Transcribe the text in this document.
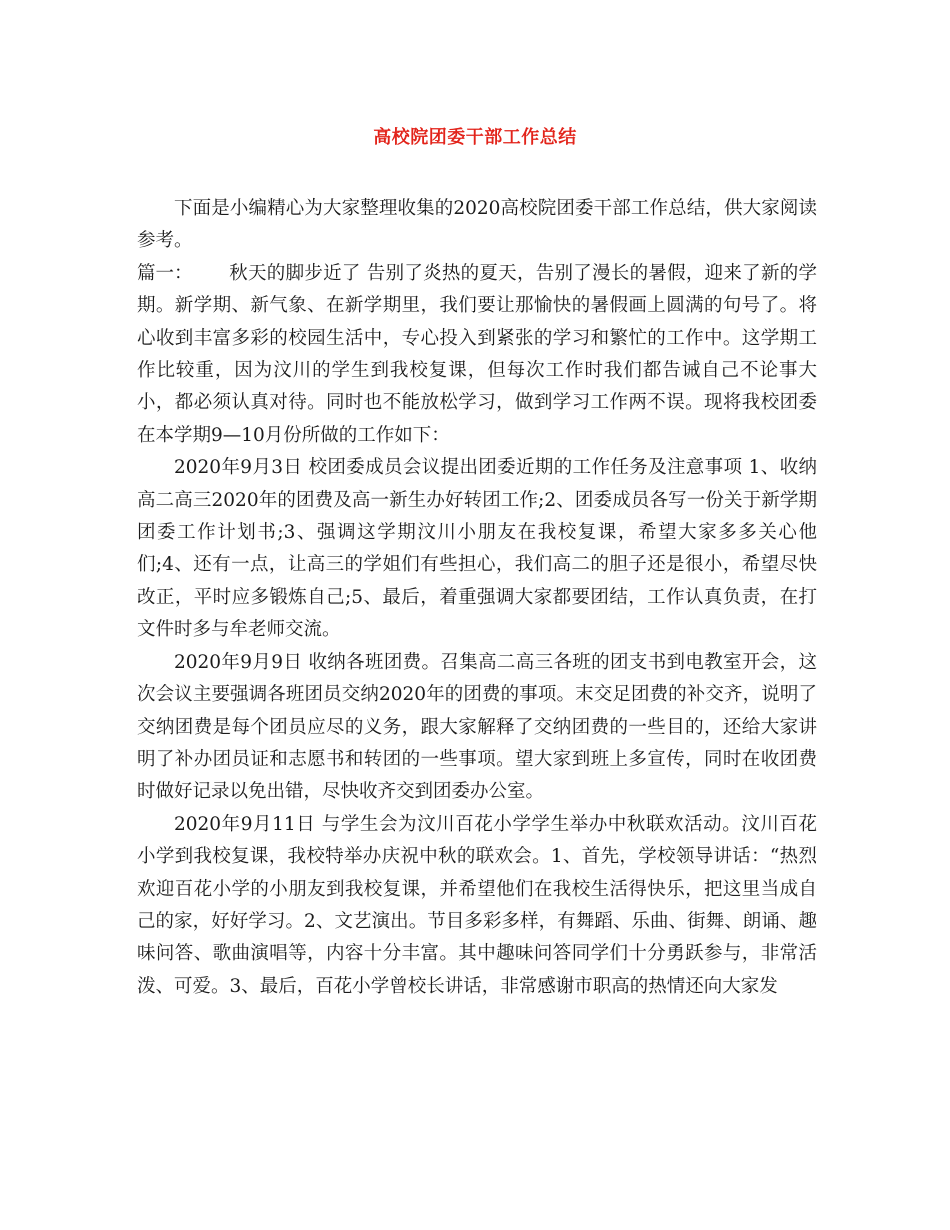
高校院团委干部工作总结

下面是小编精心为大家整理收集的2020高校院团委干部工作总结，供大家阅读参考。

篇一： 秋天的脚步近了 告别了炎热的夏天，告别了漫长的暑假，迎来了新的学期。新学期、新气象、在新学期里，我们要让那愉快的暑假画上圆满的句号了。将心收到丰富多彩的校园生活中，专心投入到紧张的学习和繁忙的工作中。这学期工作比较重，因为汶川的学生到我校复课，但每次工作时我们都告诫自己不论事大小，都必须认真对待。同时也不能放松学习，做到学习工作两不误。现将我校团委在本学期9—10月份所做的工作如下：

2020年9月3日 校团委成员会议提出团委近期的工作任务及注意事项 1、收纳高二高三2020年的团费及高一新生办好转团工作;2、团委成员各写一份关于新学期团委工作计划书;3、强调这学期汶川小朋友在我校复课，希望大家多多关心他们;4、还有一点，让高三的学姐们有些担心，我们高二的胆子还是很小，希望尽快改正，平时应多锻炼自己;5、最后，着重强调大家都要团结，工作认真负责，在打文件时多与牟老师交流。

2020年9月9日 收纳各班团费。召集高二高三各班的团支书到电教室开会，这次会议主要强调各班团员交纳2020年的团费的事项。末交足团费的补交齐，说明了交纳团费是每个团员应尽的义务，跟大家解释了交纳团费的一些目的，还给大家讲明了补办团员证和志愿书和转团的一些事项。望大家到班上多宣传，同时在收团费时做好记录以免出错，尽快收齐交到团委办公室。

2020年9月11日 与学生会为汶川百花小学学生举办中秋联欢活动。汶川百花小学到我校复课，我校特举办庆祝中秋的联欢会。1、首先，学校领导讲话：“热烈欢迎百花小学的小朋友到我校复课，并希望他们在我校生活得快乐，把这里当成自己的家，好好学习。2、文艺演出。节目多彩多样，有舞蹈、乐曲、街舞、朗诵、趣味问答、歌曲演唱等，内容十分丰富。其中趣味问答同学们十分勇跃参与，非常活泼、可爱。3、最后，百花小学曾校长讲话，非常感谢市职高的热情还向大家发
